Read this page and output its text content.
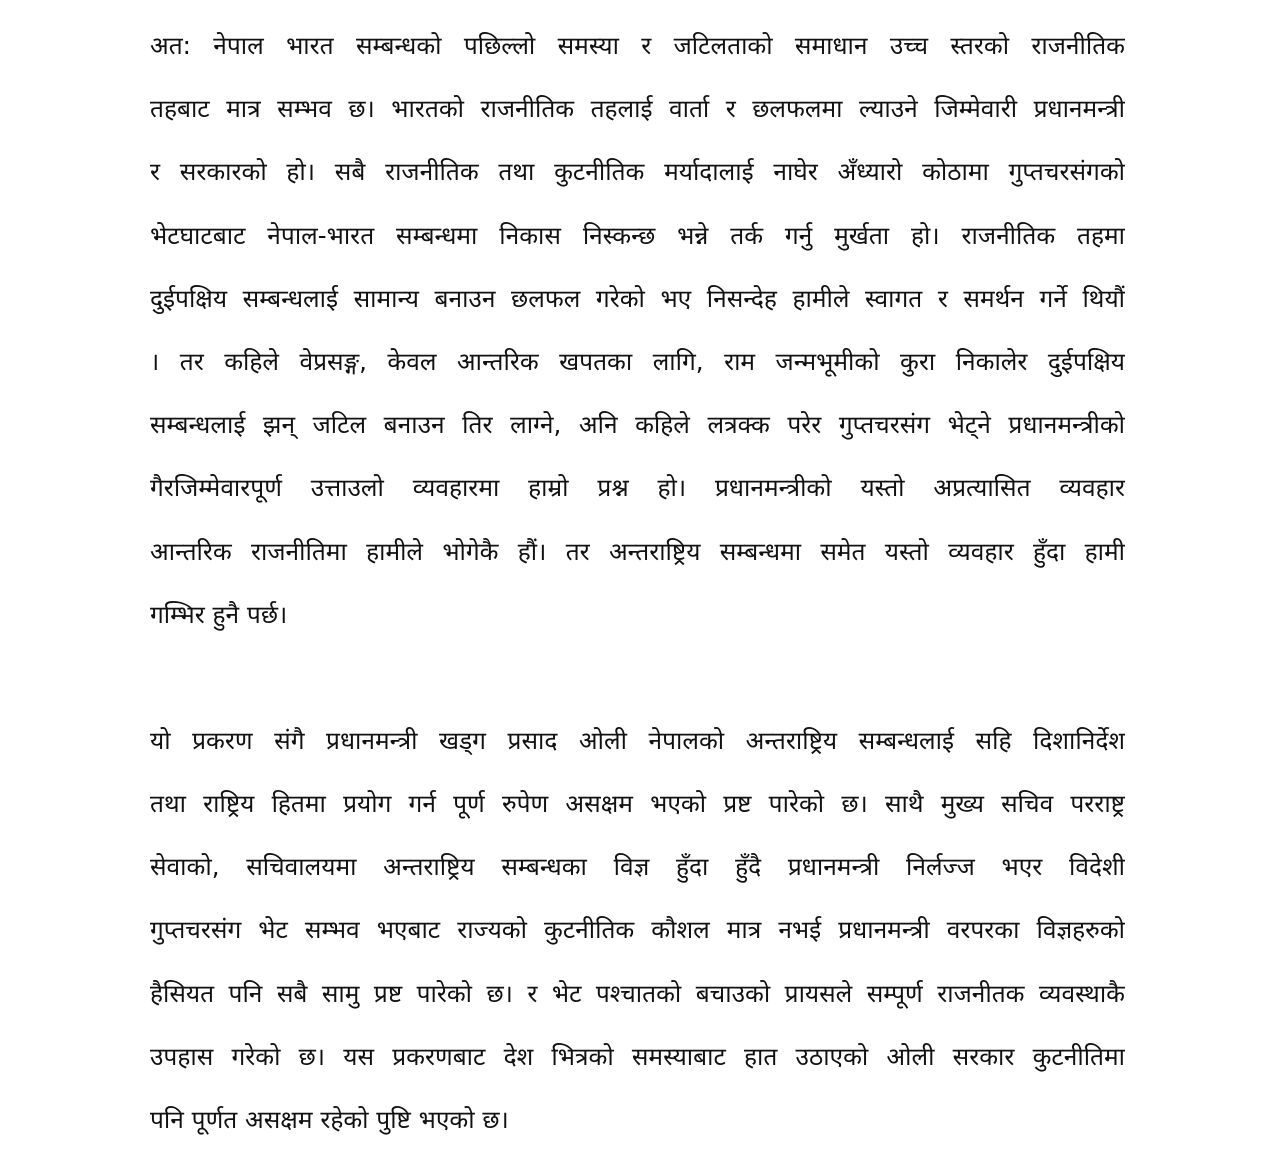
अत: नेपाल भारत सम्बन्धको पछिल्लो समस्या र जटिलताको समाधान उच्च स्तरको राजनीतिक
तहबाट मात्र सम्भव छ। भारतको राजनीतिक तहलाई वार्ता र छलफलमा ल्याउने जिम्मेवारी प्रधानमन्त्री
र सरकारको हो। सबै राजनीतिक तथा कुटनीतिक मर्यादालाई नाघेर अँध्यारो कोठामा गुप्तचरसंगको
भेटघाटबाट नेपाल-भारत सम्बन्धमा निकास निस्कन्छ भन्ने तर्क गर्नु मुर्खता हो। राजनीतिक तहमा
दुईपक्षिय सम्बन्धलाई सामान्य बनाउन छलफल गरेको भए निसन्देह हामीले स्वागत र समर्थन गर्ने थियौं
। तर कहिले वेप्रसङ्ग, केवल आन्तरिक खपतका लागि, राम जन्मभूमीको कुरा निकालेर दुईपक्षिय
सम्बन्धलाई झन् जटिल बनाउन तिर लाग्ने, अनि कहिले लत्रक्क परेर गुप्तचरसंग भेट्ने प्रधानमन्त्रीको
गैरजिम्मेवारपूर्ण उत्ताउलो व्यवहारमा हाम्रो प्रश्न हो। प्रधानमन्त्रीको यस्तो अप्रत्यासित व्यवहार
आन्तरिक राजनीतिमा हामीले भोगेकै हौं। तर अन्तराष्ट्रिय सम्बन्धमा समेत यस्तो व्यवहार हुँदा हामी
गम्भिर हुनै पर्छ।
यो प्रकरण संगै प्रधानमन्त्री खड्ग प्रसाद ओली नेपालको अन्तराष्ट्रिय सम्बन्धलाई सहि दिशानिर्देश
तथा राष्ट्रिय हितमा प्रयोग गर्न पूर्ण रुपेण असक्षम भएको प्रष्ट पारेको छ। साथै मुख्य सचिव परराष्ट्र
सेवाको, सचिवालयमा अन्तराष्ट्रिय सम्बन्धका विज्ञ हुँदा हुँदै प्रधानमन्त्री निर्लज्ज भएर विदेशी
गुप्तचरसंग भेट सम्भव भएबाट राज्यको कुटनीतिक कौशल मात्र नभई प्रधानमन्त्री वरपरका विज्ञहरुको
हैसियत पनि सबै सामु प्रष्ट पारेको छ। र भेट पश्चातको बचाउको प्रायसले सम्पूर्ण राजनीतक व्यवस्थाकै
उपहास गरेको छ। यस प्रकरणबाट देश भित्रको समस्याबाट हात उठाएको ओली सरकार कुटनीतिमा
पनि पूर्णत असक्षम रहेको पुष्टि भएको छ।
